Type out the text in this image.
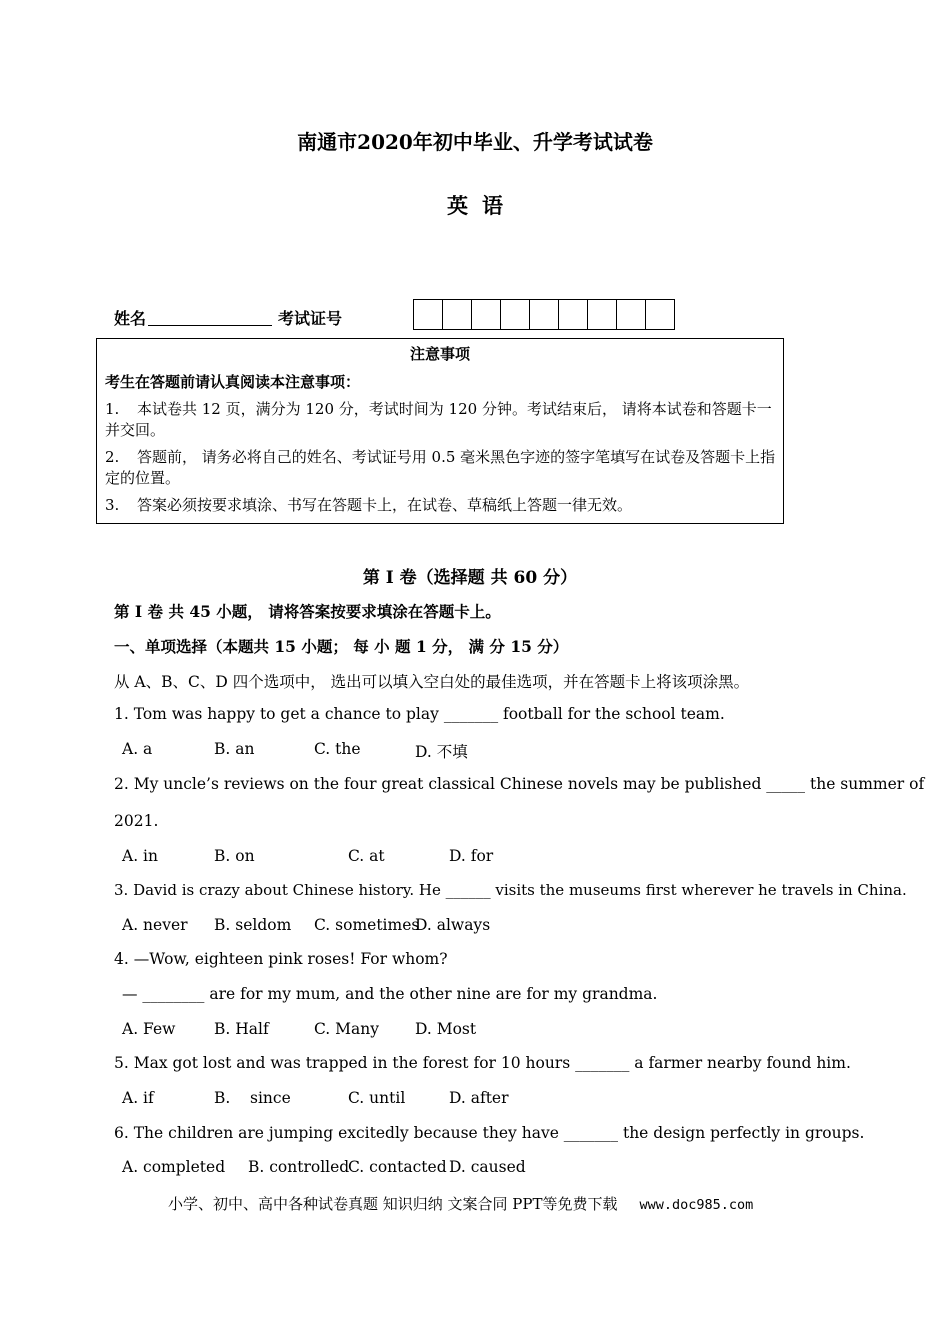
南通市2020年初中毕业、升学考试试卷
英语
姓名	考试证号
注意事项
考生在答题前请认真阅读本注意事项：
1. 本试卷共 12 页，满分为 120 分，考试时间为 120 分钟。考试结束后， 请将本试卷和答题卡一并交回。
2. 答题前， 请务必将自己的姓名、考试证号用 0.5 毫米黑色字迹的签字笔填写在试卷及答题卡上指定的位置。
3. 答案必须按要求填涂、书写在答题卡上，在试卷、草稿纸上答题一律无效。
第 I 卷（选择题 共 60 分）
第 I 卷 共 45 小题， 请将答案按要求填涂在答题卡上。
一、单项选择（本题共 15 小题； 每 小 题 1 分， 满 分 15 分）
从 A、B、C、D 四个选项中， 选出可以填入空白处的最佳选项，并在答题卡上将该项涂黑。
1. Tom was happy to get a chance to play _______ football for the school team.
A. a	B. an	C. the	D. 不填
2. My uncle’s reviews on the four great classical Chinese novels may be published _____ the summer of
2021.
A. in	B. on	C. at	D. for
3. David is crazy about Chinese history. He ______ visits the museums first wherever he travels in China.
A. never B. seldom C. sometimes
D. always
4. —Wow, eighteen pink roses! For whom?
— ________ are for my mum, and the other nine are for my grandma.
A. Few B. Half	C. Many D. Most
5. Max got lost and was trapped in the forest for 10 hours _______ a farmer nearby found him.
A. if	B.    since	C. until	D. after
6. The children are jumping excitedly because they have _______ the design perfectly in groups.
A. completed B. controlled
C. contacted D. caused
小学、初中、高中各种试卷真题 知识归纳 文案合同 PPT等免费下载 www.doc985.com
